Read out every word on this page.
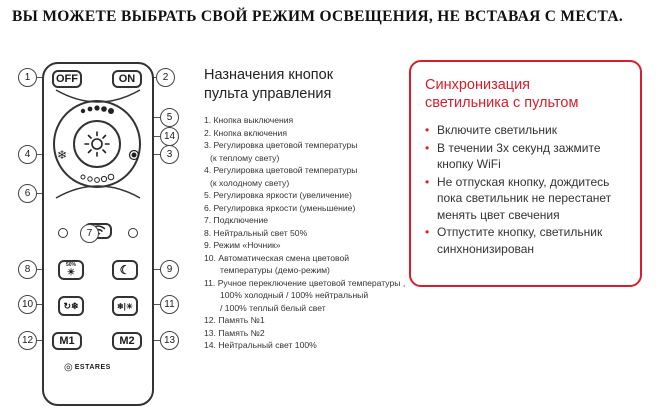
ВЫ МОЖЕТЕ ВЫБРАТЬ СВОЙ РЕЖИМ ОСВЕЩЕНИЯ, НЕ ВСТАВАЯ С МЕСТА.
OFF	ON
❄
50%
☀	☾
↻❄	❄|☀
M1	M2
◎ ESTARES
1	2
5
14
4	3
6
7
8	9
10	11
12	13
Назначения кнопок
пульта управления
1. Кнопка выключения
2. Кнопка включения
3. Регулировка цветовой температуры
(к теплому свету)
4. Регулировка цветовой температуры
(к холодному свету)
5. Регулировка яркости (увеличение)
6. Регулировка яркости (уменьшение)
7. Подключение
8. Нейтральный свет 50%
9. Режим «Ночник»
10. Автоматическая смена цветовой
температуры (демо-режим)
11. Ручное переключение цветовой температуры ,
100% холодный / 100% нейтральный
/ 100% теплый белый свет
12. Память №1
13. Память №2
14. Нейтральный свет 100%
Синхронизация
светильника с пультом
• Включите светильник
• В течении 3х секунд зажмите кнопку WiFi
• Не отпуская кнопку, дождитесь пока светильник не перестанет менять цвет свечения
• Отпустите кнопку, светильник синхнонизирован
